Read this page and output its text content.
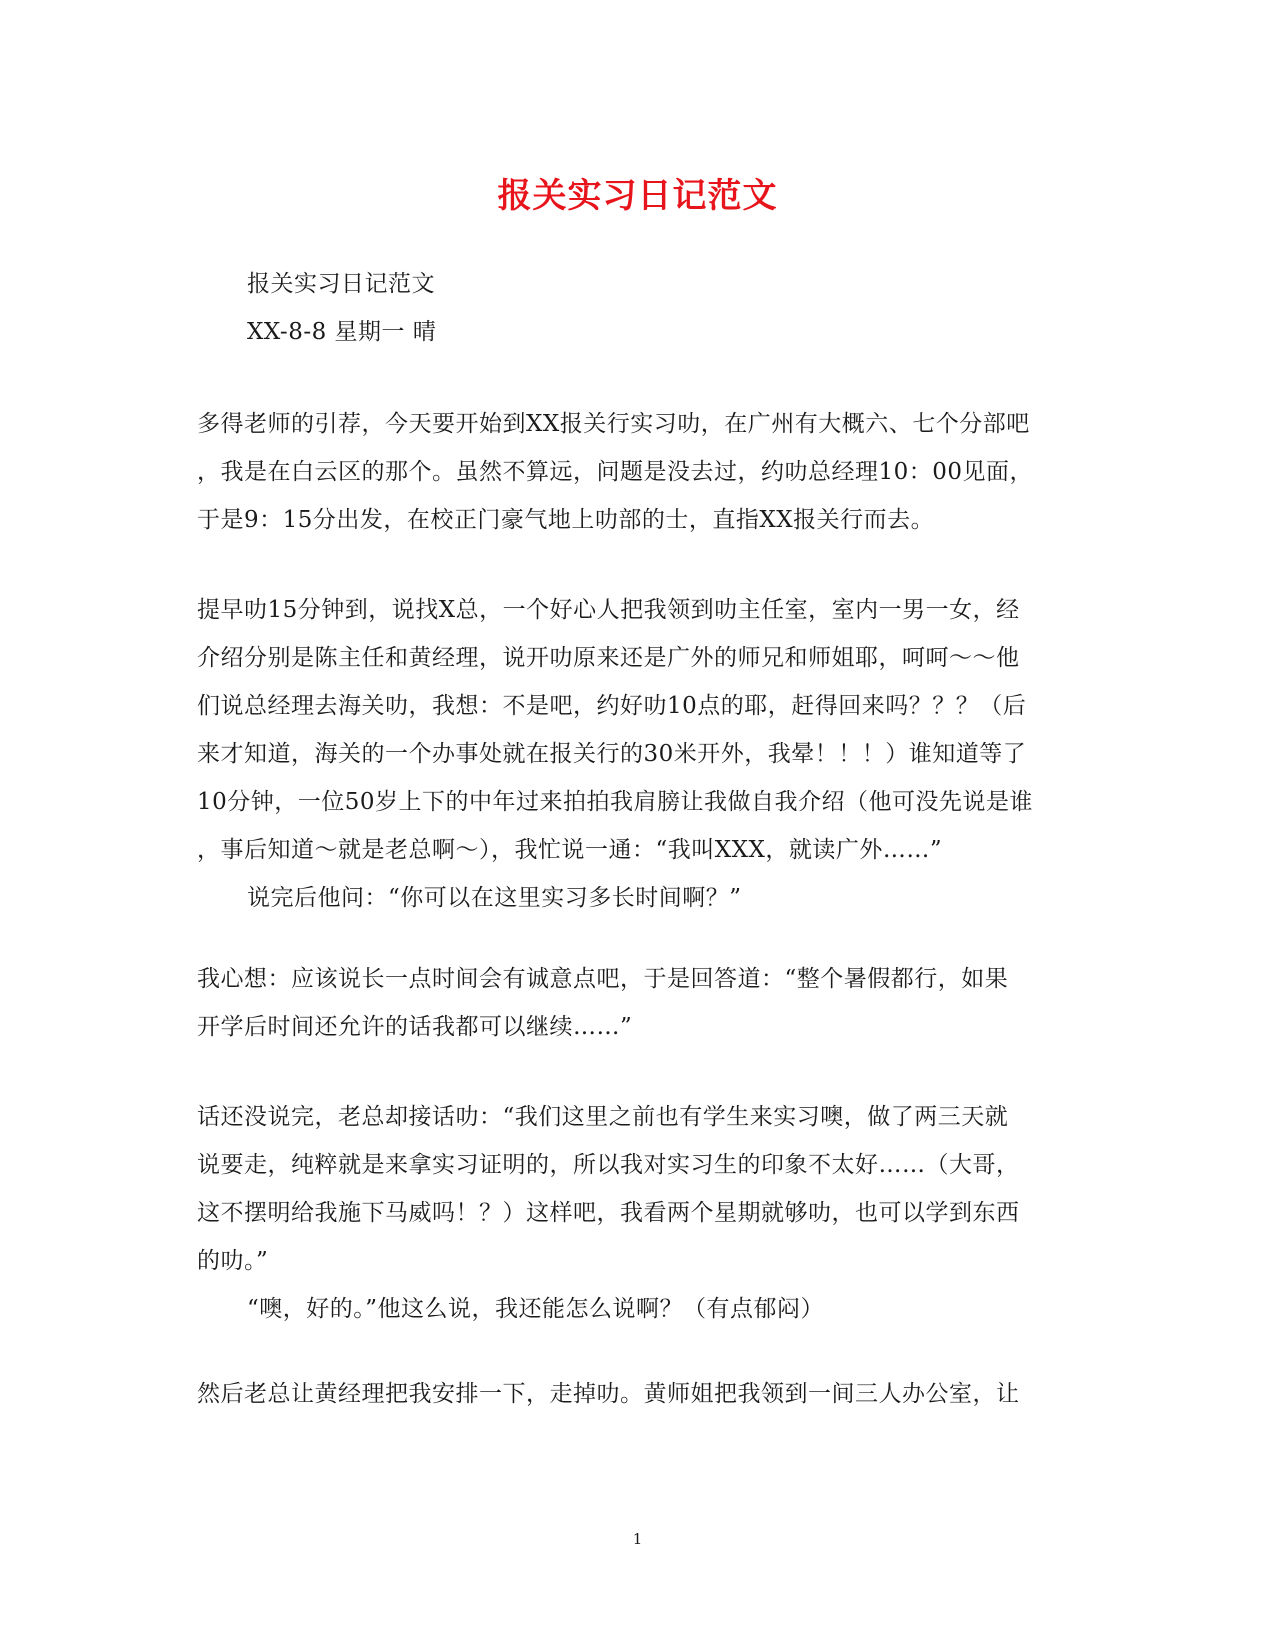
报关实习日记范文
报关实习日记范文
XX-8-8 星期一 晴
多得老师的引荐，今天要开始到XX报关行实习叻，在广州有大概六、七个分部吧
，我是在白云区的那个。虽然不算远，问题是没去过，约叻总经理10：00见面，
于是9：15分出发，在校正门豪气地上叻部的士，直指XX报关行而去。
提早叻15分钟到，说找X总，一个好心人把我领到叻主任室，室内一男一女，经
介绍分别是陈主任和黄经理，说开叻原来还是广外的师兄和师姐耶，呵呵～～他
们说总经理去海关叻，我想：不是吧，约好叻10点的耶，赶得回来吗？？？（后
来才知道，海关的一个办事处就在报关行的30米开外，我晕！！！）谁知道等了
10分钟，一位50岁上下的中年过来拍拍我肩膀让我做自我介绍（他可没先说是谁
，事后知道～就是老总啊～），我忙说一通：“我叫XXX，就读广外……”
说完后他问：“你可以在这里实习多长时间啊？”
我心想：应该说长一点时间会有诚意点吧，于是回答道：“整个暑假都行，如果
开学后时间还允许的话我都可以继续……”
话还没说完，老总却接话叻：“我们这里之前也有学生来实习噢，做了两三天就
说要走，纯粹就是来拿实习证明的，所以我对实习生的印象不太好……（大哥，
这不摆明给我施下马威吗！？）这样吧，我看两个星期就够叻，也可以学到东西
的叻。”
“噢，好的。”他这么说，我还能怎么说啊？（有点郁闷）
然后老总让黄经理把我安排一下，走掉叻。黄师姐把我领到一间三人办公室，让
1
